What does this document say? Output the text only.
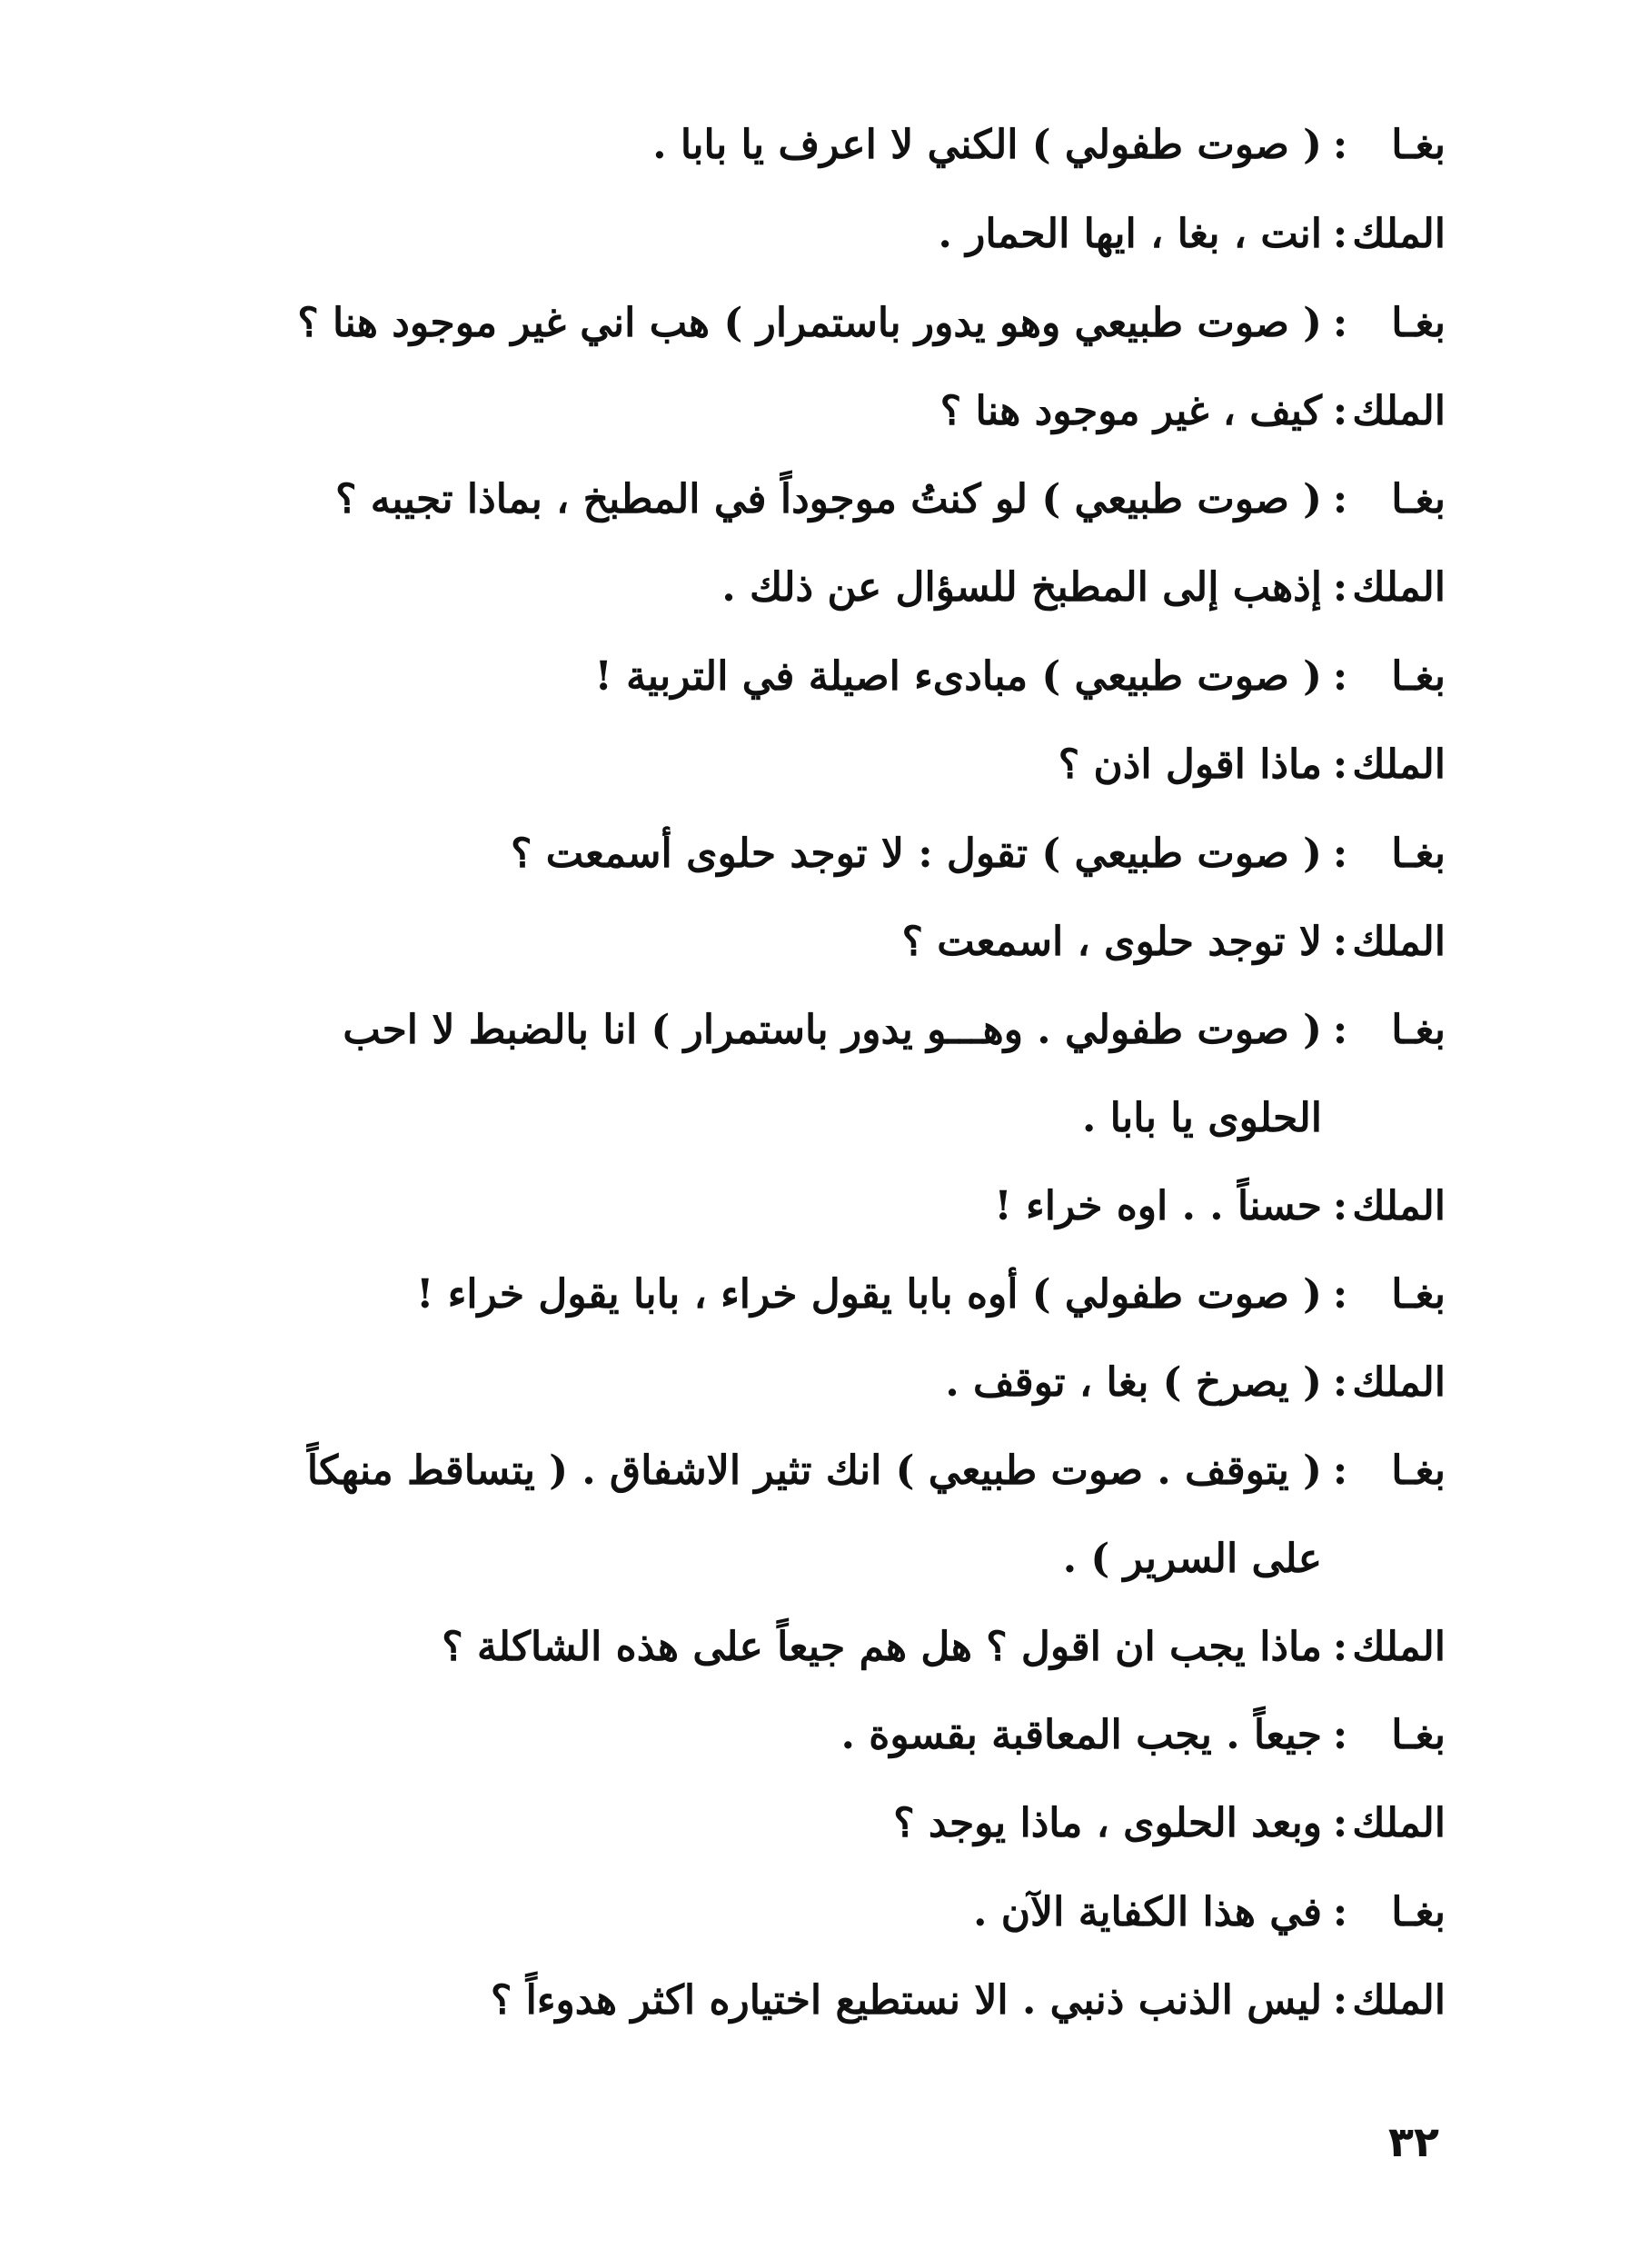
بغـا:( صوت طفولي ) الكني لا اعرف يا بابا .
الملك:انت ، بغا ، ايها الحمار .
بغـا:( صوت طبيعي وهو يدور باستمرار ) هب اني غير موجود هنا ؟
الملك:كيف ، غير موجود هنا ؟
بغـا:( صوت طبيعي ) لو كنتُ موجوداً في المطبخ ، بماذا تجيبه ؟
الملك:إذهب إلى المطبخ للسؤال عن ذلك .
بغـا:( صوت طبيعي ) مبادىء اصيلة في التربية !
الملك:ماذا اقول اذن ؟
بغـا:( صوت طبيعي ) تقول : لا توجد حلوى أسمعت ؟
الملك:لا توجد حلوى ، اسمعت ؟
بغـا:( صوت طفولي . وهـــو يدور باستمرار ) انا بالضبط لا احب
الحلوى يا بابا .
الملك:حسناً . . اوه خراء !
بغـا:( صوت طفولي ) أوه بابا يقول خراء ، بابا يقول خراء !
الملك:( يصرخ ) بغا ، توقف .
بغـا:( يتوقف . صوت طبيعي ) انك تثير الاشفاق . ( يتساقط منهكاً
على السرير ) .
الملك:ماذا يجب ان اقول ؟ هل هم جيعاً على هذه الشاكلة ؟
بغـا:جيعاً . يجب المعاقبة بقسوة .
الملك:وبعد الحلوى ، ماذا يوجد ؟
بغـا:في هذا الكفاية الآن .
الملك:ليس الذنب ذنبي . الا نستطيع اختياره اكثر هدوءاً ؟
٣٢
